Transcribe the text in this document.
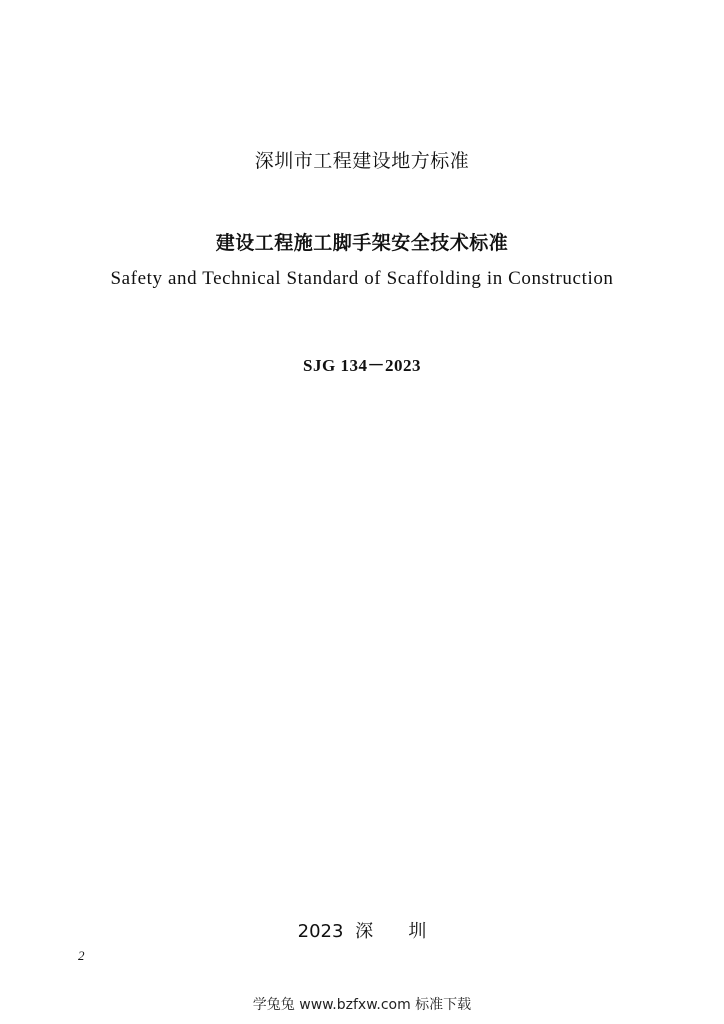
深圳市工程建设地方标准
建设工程施工脚手架安全技术标准
Safety and Technical Standard of Scaffolding in Construction
SJG 134－2023
2023 深   圳
2
学兔兔 www.bzfxw.com 标准下载
